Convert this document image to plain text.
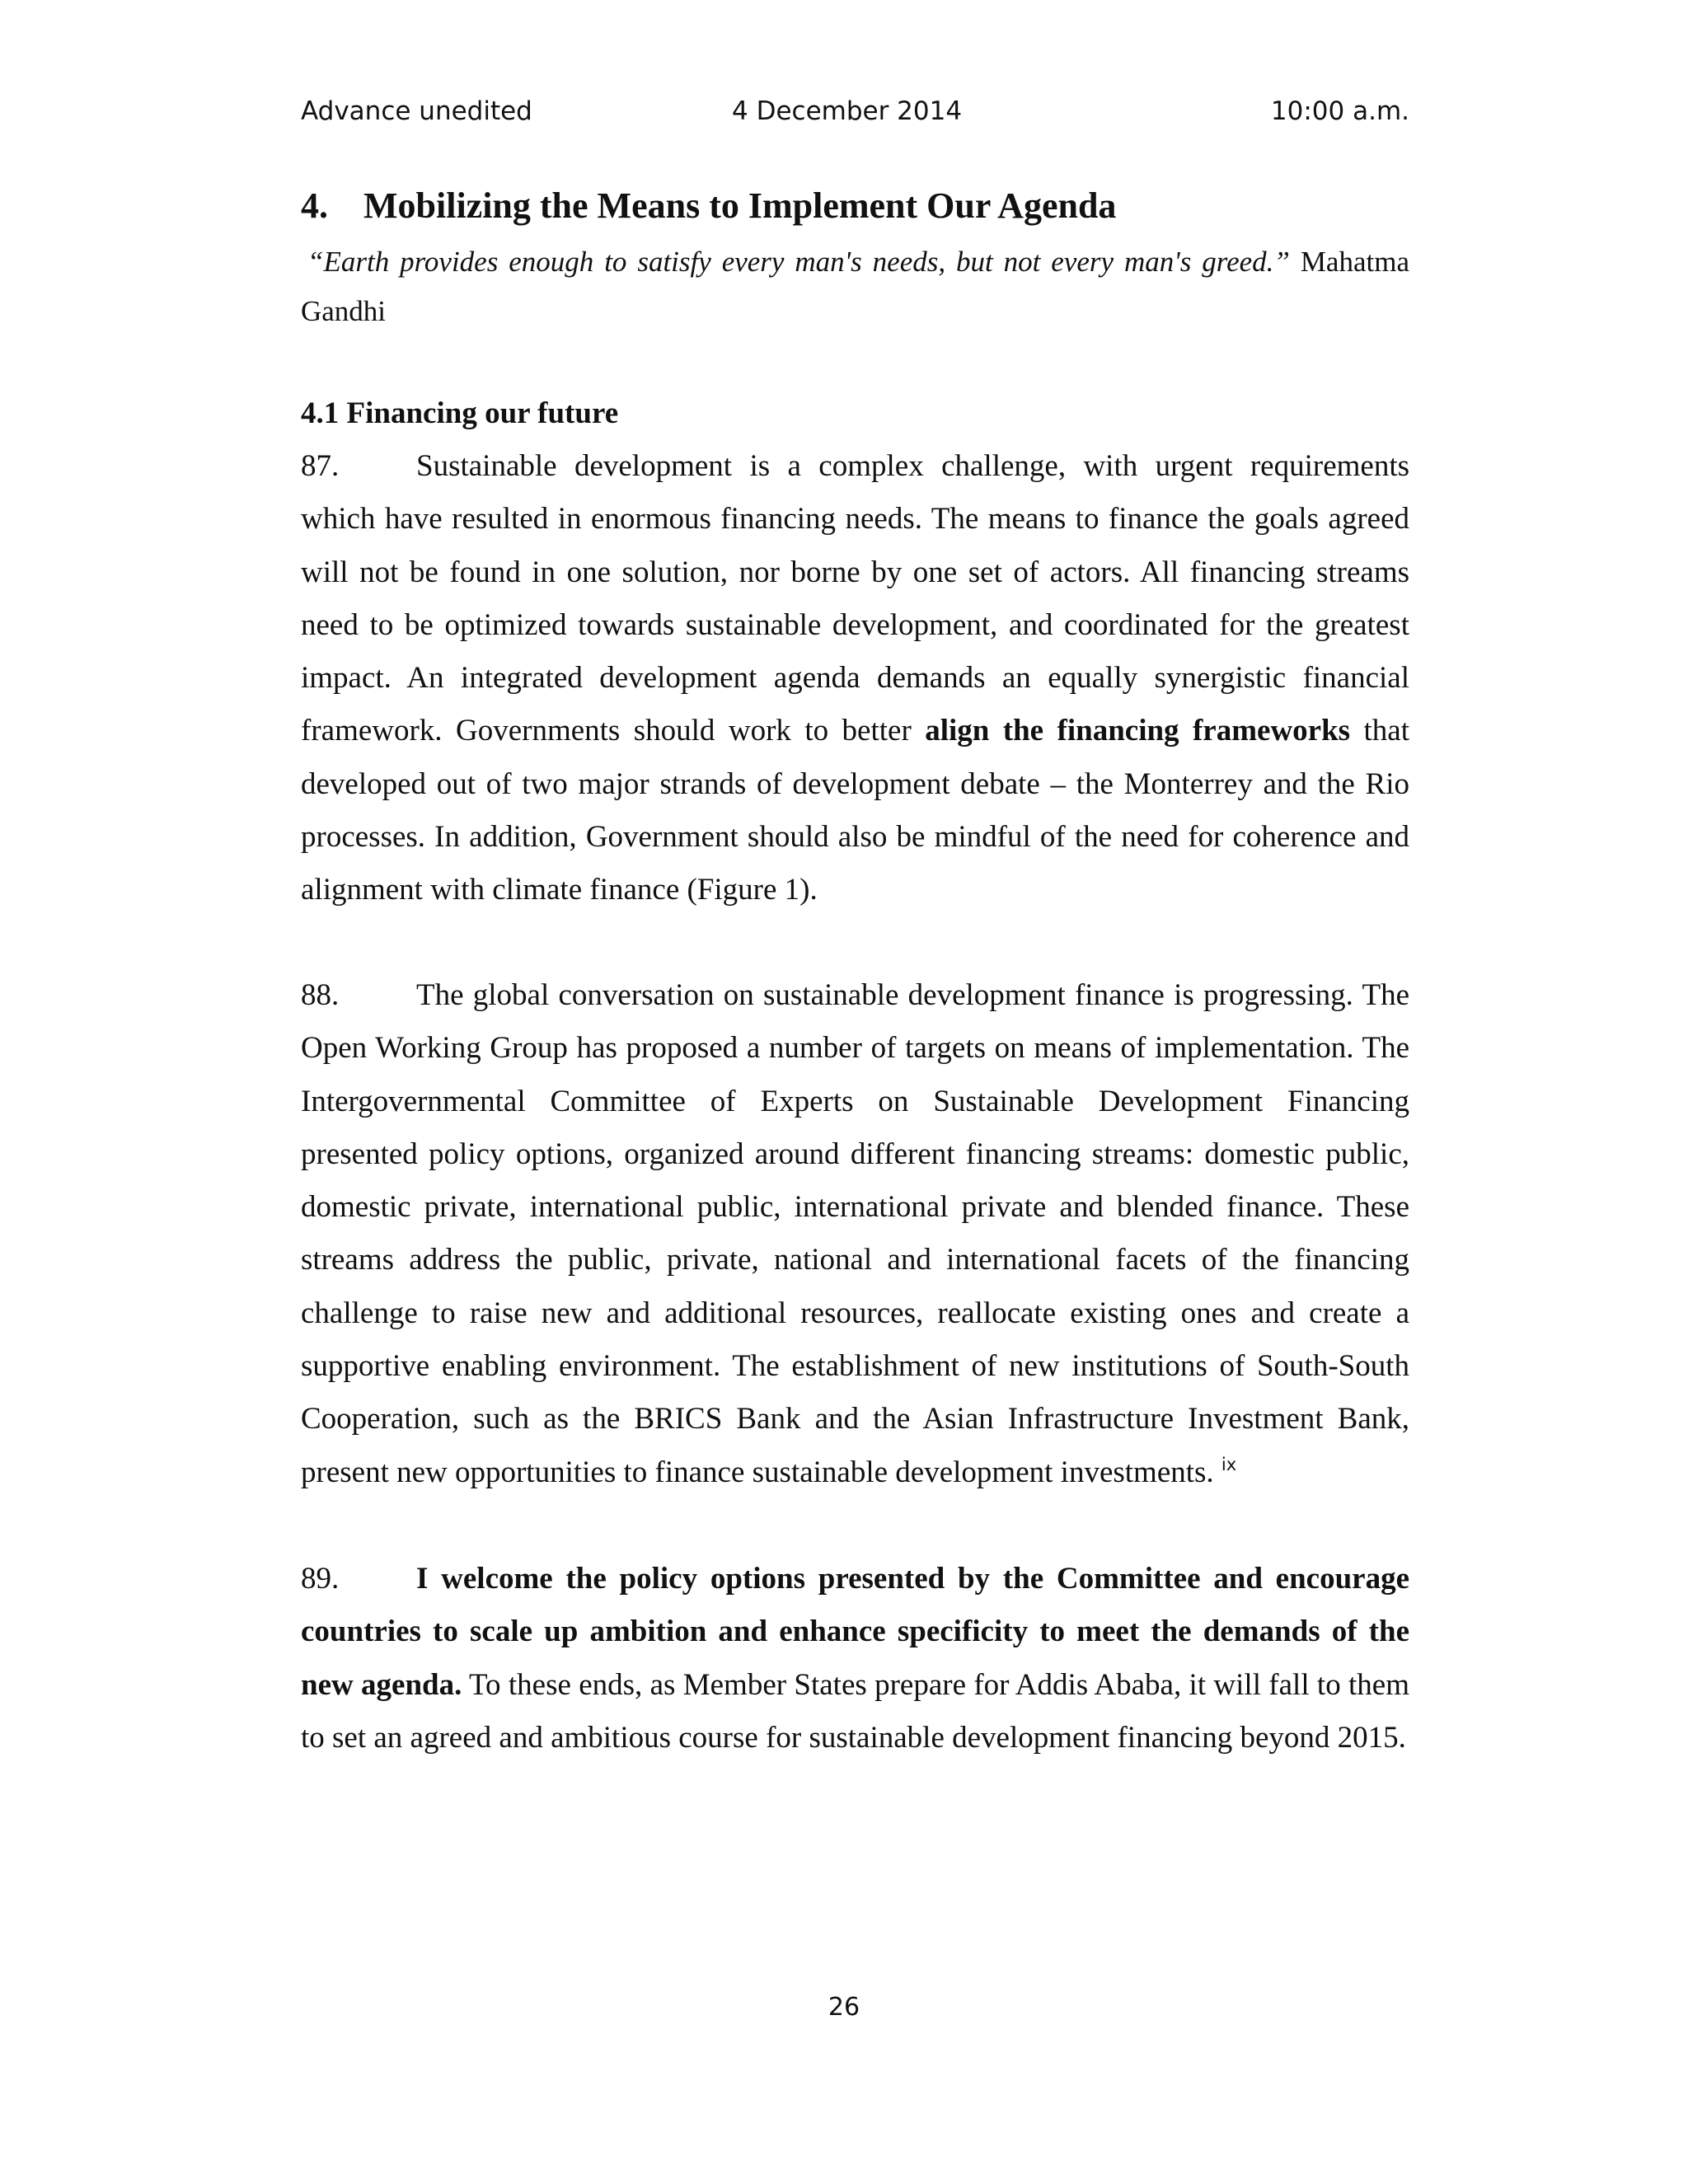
Advance unedited	4 December 2014	10:00 a.m.
4. Mobilizing the Means to Implement Our Agenda
“Earth provides enough to satisfy every man's needs, but not every man's greed.” Mahatma Gandhi
4.1 Financing our future
87.	Sustainable development is a complex challenge, with urgent requirements which have resulted in enormous financing needs. The means to finance the goals agreed will not be found in one solution, nor borne by one set of actors. All financing streams need to be optimized towards sustainable development, and coordinated for the greatest impact. An integrated development agenda demands an equally synergistic financial framework. Governments should work to better align the financing frameworks that developed out of two major strands of development debate – the Monterrey and the Rio processes. In addition, Government should also be mindful of the need for coherence and alignment with climate finance (Figure 1).
88.	The global conversation on sustainable development finance is progressing. The Open Working Group has proposed a number of targets on means of implementation. The Intergovernmental Committee of Experts on Sustainable Development Financing presented policy options, organized around different financing streams: domestic public, domestic private, international public, international private and blended finance. These streams address the public, private, national and international facets of the financing challenge to raise new and additional resources, reallocate existing ones and create a supportive enabling environment. The establishment of new institutions of South-South Cooperation, such as the BRICS Bank and the Asian Infrastructure Investment Bank, present new opportunities to finance sustainable development investments. $^{ix}$
89.	I welcome the policy options presented by the Committee and encourage countries to scale up ambition and enhance specificity to meet the demands of the new agenda. To these ends, as Member States prepare for Addis Ababa, it will fall to them to set an agreed and ambitious course for sustainable development financing beyond 2015.
26
